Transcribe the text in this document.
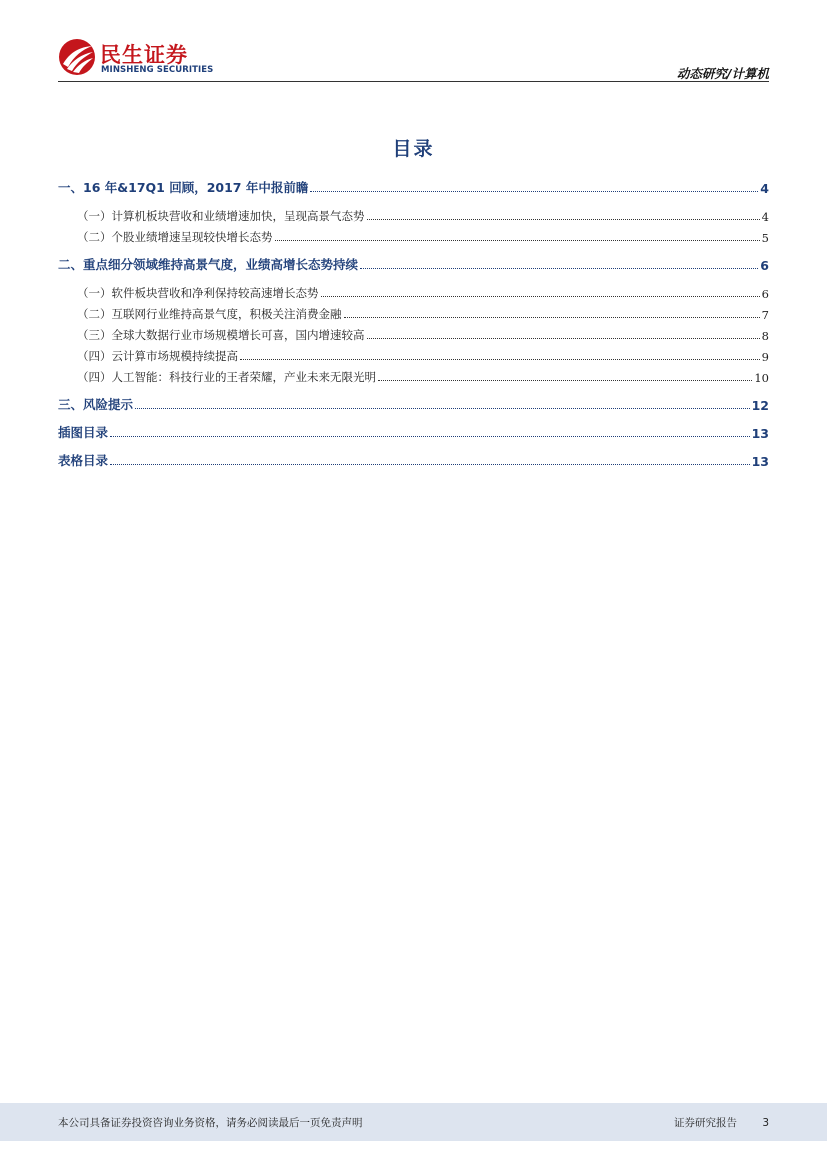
民生证券
MINSHENG SECURITIES	动态研究/计算机
目录
一、16 年&17Q1 回顾，2017 年中报前瞻	4
（一）计算机板块营收和业绩增速加快，呈现高景气态势	4
（二）个股业绩增速呈现较快增长态势	5
二、重点细分领域维持高景气度，业绩高增长态势持续	6
（一）软件板块营收和净利保持较高速增长态势	6
（二）互联网行业维持高景气度，积极关注消费金融	7
（三）全球大数据行业市场规模增长可喜，国内增速较高	8
（四）云计算市场规模持续提高	9
（四）人工智能：科技行业的王者荣耀，产业未来无限光明	10
三、风险提示	12
插图目录	13
表格目录	13
本公司具备证券投资咨询业务资格，请务必阅读最后一页免责声明	证券研究报告 3
